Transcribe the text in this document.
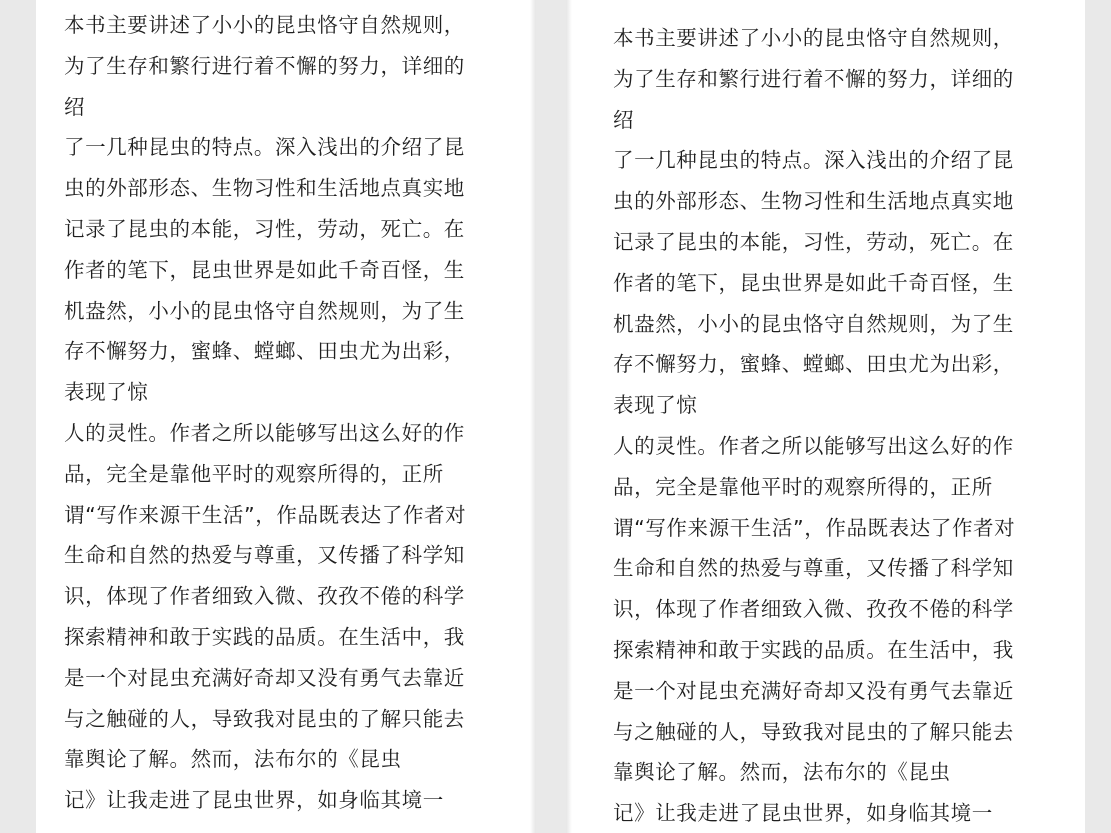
本书主要讲述了小小的昆虫恪守自然规则，
为了生存和繁行进行着不懈的努力，详细的
绍
了一几种昆虫的特点。深入浅出的介绍了昆
虫的外部形态、生物习性和生活地点真实地
记录了昆虫的本能，习性，劳动，死亡。在
作者的笔下，昆虫世界是如此千奇百怪，生
机盎然，小小的昆虫恪守自然规则，为了生
存不懈努力，蜜蜂、螳螂、田虫尤为出彩，
表现了惊
人的灵性。作者之所以能够写出这么好的作
品，完全是靠他平时的观察所得的，正所
谓“写作来源干生活”，作品既表达了作者对
生命和自然的热爱与尊重，又传播了科学知
识，体现了作者细致入微、孜孜不倦的科学
探索精神和敢于实践的品质。在生活中，我
是一个对昆虫充满好奇却又没有勇气去靠近
与之触碰的人，导致我对昆虫的了解只能去
靠舆论了解。然而，法布尔的《昆虫
记》让我走进了昆虫世界，如身临其境一
本书主要讲述了小小的昆虫恪守自然规则，
为了生存和繁行进行着不懈的努力，详细的
绍
了一几种昆虫的特点。深入浅出的介绍了昆
虫的外部形态、生物习性和生活地点真实地
记录了昆虫的本能，习性，劳动，死亡。在
作者的笔下，昆虫世界是如此千奇百怪，生
机盎然，小小的昆虫恪守自然规则，为了生
存不懈努力，蜜蜂、螳螂、田虫尤为出彩，
表现了惊
人的灵性。作者之所以能够写出这么好的作
品，完全是靠他平时的观察所得的，正所
谓“写作来源干生活”，作品既表达了作者对
生命和自然的热爱与尊重，又传播了科学知
识，体现了作者细致入微、孜孜不倦的科学
探索精神和敢于实践的品质。在生活中，我
是一个对昆虫充满好奇却又没有勇气去靠近
与之触碰的人，导致我对昆虫的了解只能去
靠舆论了解。然而，法布尔的《昆虫
记》让我走进了昆虫世界，如身临其境一
